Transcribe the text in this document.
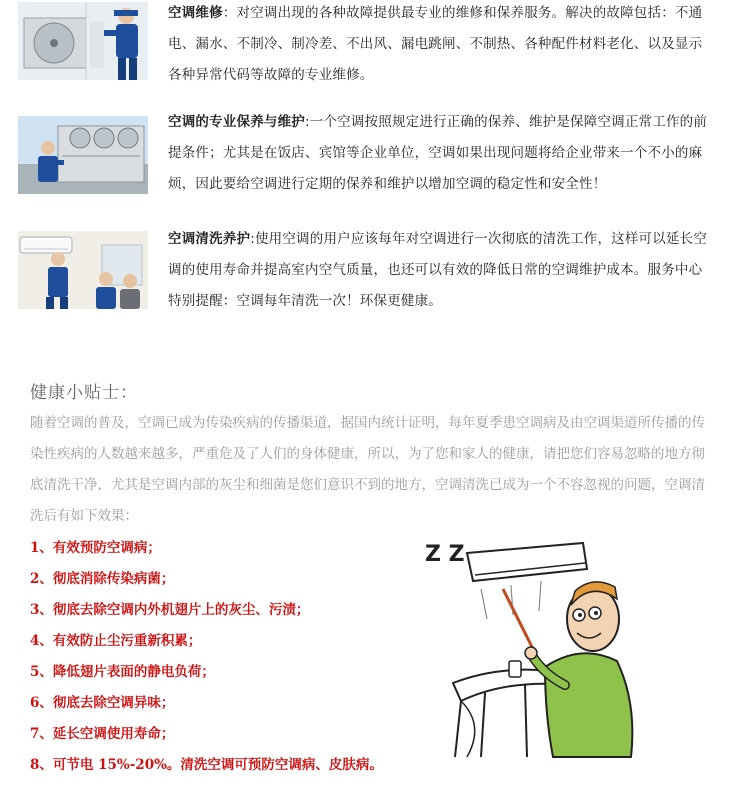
空调维修：对空调出现的各种故障提供最专业的维修和保养服务。解决的故障包括：不通电、漏水、不制冷、制冷差、不出风、漏电跳闸、不制热、各种配件材料老化、以及显示各种异常代码等故障的专业维修。
空调的专业保养与维护:一个空调按照规定进行正确的保养、维护是保障空调正常工作的前提条件；尤其是在饭店、宾馆等企业单位，空调如果出现问题将给企业带来一个不小的麻烦，因此要给空调进行定期的保养和维护以增加空调的稳定性和安全性！
空调清洗养护:使用空调的用户应该每年对空调进行一次彻底的清洗工作，这样可以延长空调的使用寿命并提高室内空气质量，也还可以有效的降低日常的空调维护成本。服务中心特别提醒：空调每年清洗一次！环保更健康。
健康小贴士：
随着空调的普及，空调已成为传染疾病的传播渠道，据国内统计证明，每年夏季患空调病及由空调渠道所传播的传染性疾病的人数越来越多，严重危及了人们的身体健康，所以，为了您和家人的健康，请把您们容易忽略的地方彻底清洗干净，尤其是空调内部的灰尘和细菌是您们意识不到的地方，空调清洗已成为一个不容忽视的问题，空调清洗后有如下效果：
1、有效预防空调病；
2、彻底消除传染病菌；
3、彻底去除空调内外机翅片上的灰尘、污渍；
4、有效防止尘污重新积累；
5、降低翅片表面的静电负荷；
6、彻底去除空调异味；
7、延长空调使用寿命；
8、可节电 15%-20%。清洗空调可预防空调病、皮肤病。
Z Z
